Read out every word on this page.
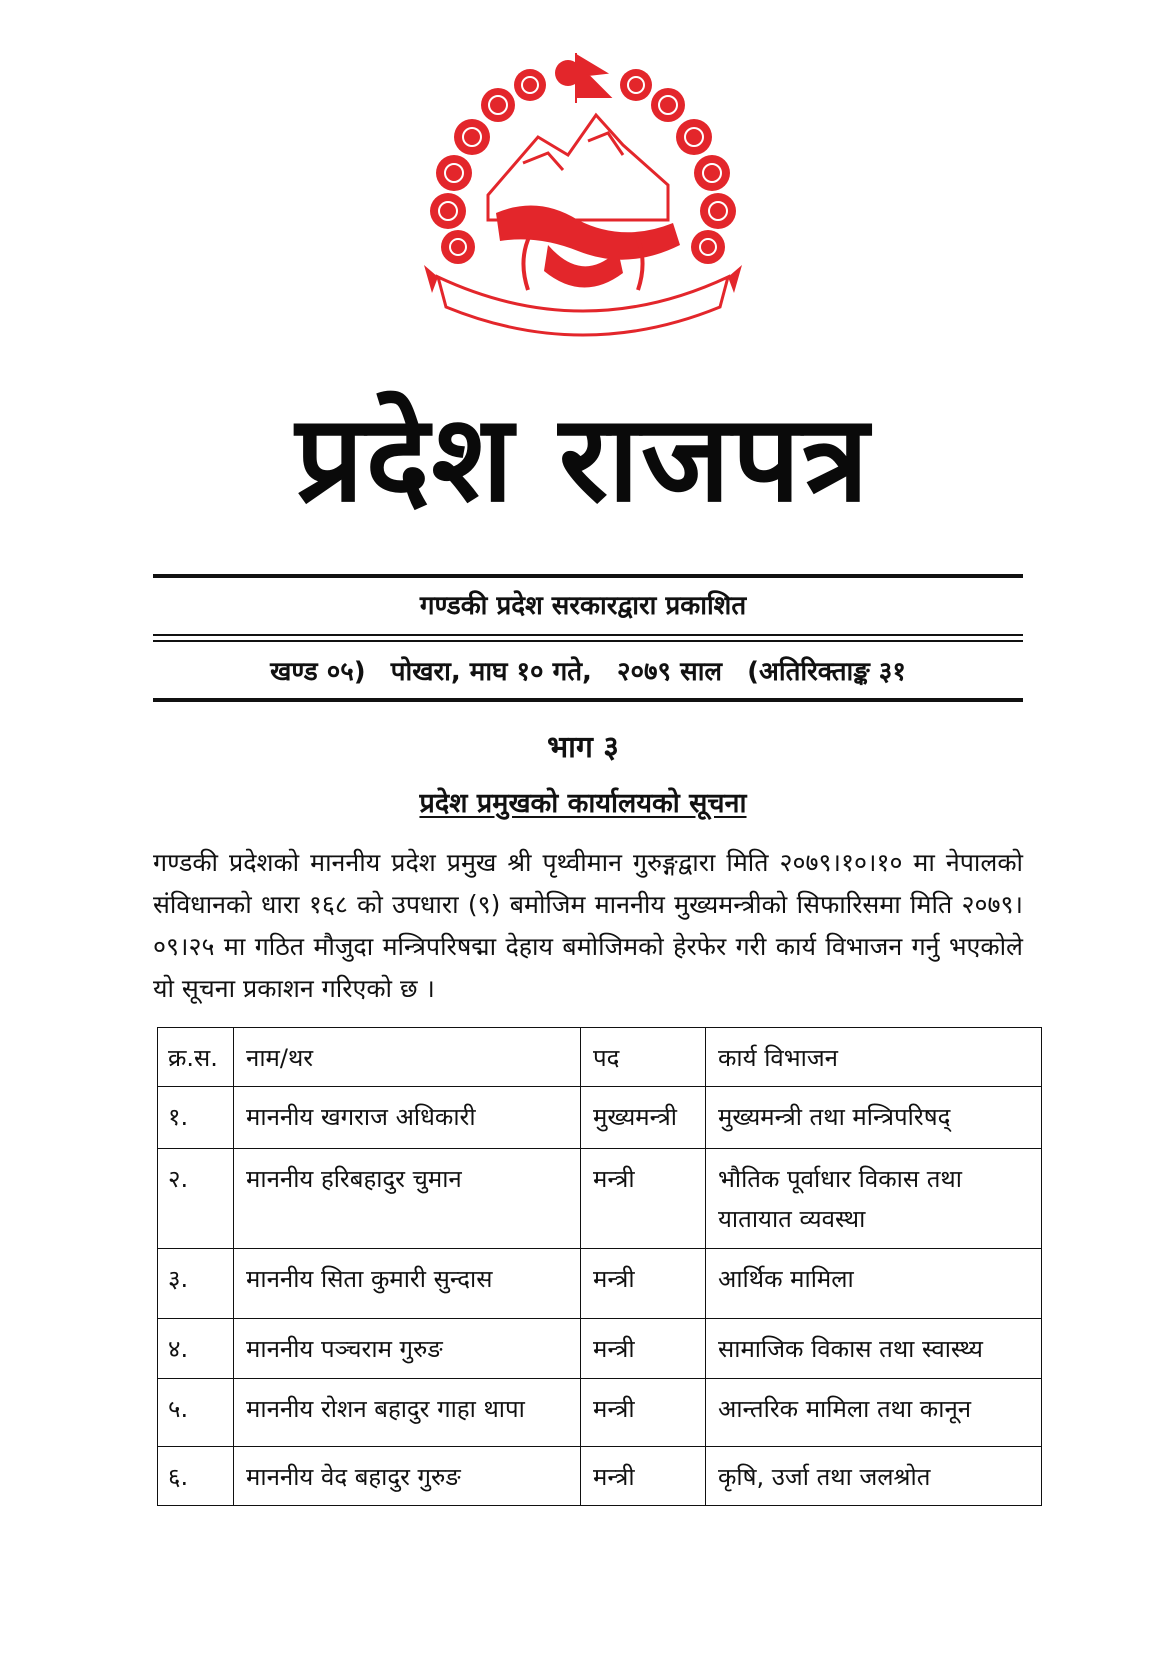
प्रदेश राजपत्र
गण्डकी प्रदेश सरकारद्वारा प्रकाशित
खण्ड ०५) पोखरा, माघ १० गते, २०७९ साल (अतिरिक्ताङ्क ३१
भाग ३
प्रदेश प्रमुखको कार्यालयको सूचना
गण्डकी प्रदेशको माननीय प्रदेश प्रमुख श्री पृथ्वीमान गुरुङ्गद्वारा मिति २०७९।१०।१० मा नेपालको संविधानको धारा १६८ को उपधारा (९) बमोजिम माननीय मुख्यमन्त्रीको सिफारिसमा मिति २०७९।०९।२५ मा गठित मौजुदा मन्त्रिपरिषद्मा देहाय बमोजिमको हेरफेर गरी कार्य विभाजन गर्नु भएकोले यो सूचना प्रकाशन गरिएको छ ।
क्र.स.	नाम/थर	पद	कार्य विभाजन
१.	माननीय खगराज अधिकारी	मुख्यमन्त्री	मुख्यमन्त्री तथा मन्त्रिपरिषद्
२.	माननीय हरिबहादुर चुमान	मन्त्री	भौतिक पूर्वाधार विकास तथा यातायात व्यवस्था
३.	माननीय सिता कुमारी सुन्दास	मन्त्री	आर्थिक मामिला
४.	माननीय पञ्चराम गुरुङ	मन्त्री	सामाजिक विकास तथा स्वास्थ्य
५.	माननीय रोशन बहादुर गाहा थापा	मन्त्री	आन्तरिक मामिला तथा कानून
६.	माननीय वेद बहादुर गुरुङ	मन्त्री	कृषि, उर्जा तथा जलश्रोत
